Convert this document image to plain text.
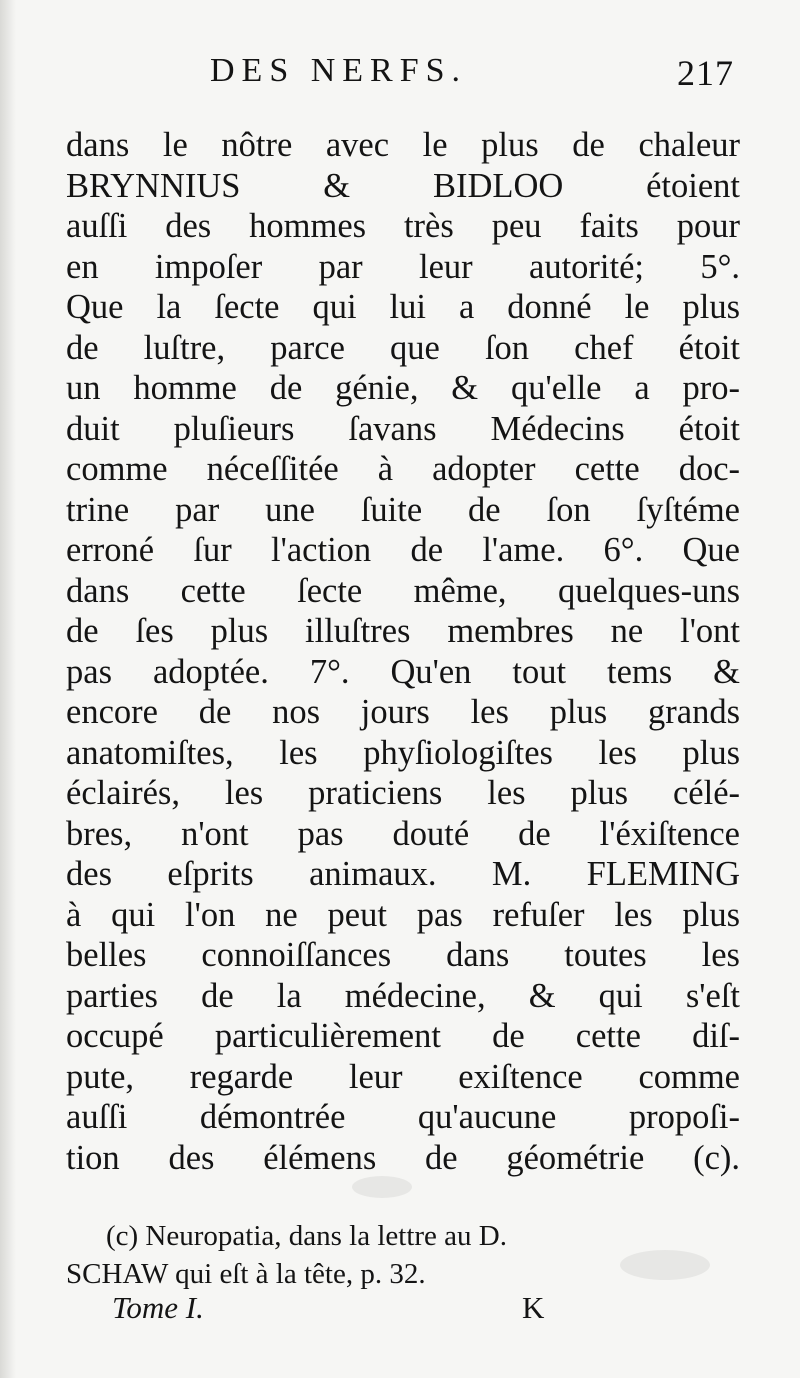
DES NERFS.	217
dans le nôtre avec le plus de chaleur
BRYNNIUS & BIDLOO étoient
auſſi des hommes très peu faits pour
en impoſer par leur autorité; 5°.
Que la ſecte qui lui a donné le plus
de luſtre, parce que ſon chef étoit
un homme de génie, & qu'elle a pro-
duit pluſieurs ſavans Médecins étoit
comme néceſſitée à adopter cette doc-
trine par une ſuite de ſon ſyſtéme
erroné ſur l'action de l'ame. 6°. Que
dans cette ſecte même, quelques-uns
de ſes plus illuſtres membres ne l'ont
pas adoptée. 7°. Qu'en tout tems &
encore de nos jours les plus grands
anatomiſtes, les phyſiologiſtes les plus
éclairés, les praticiens les plus célé-
bres, n'ont pas douté de l'éxiſtence
des eſprits animaux. M. FLEMING
à qui l'on ne peut pas refuſer les plus
belles connoiſſances dans toutes les
parties de la médecine, & qui s'eſt
occupé particulièrement de cette diſ-
pute, regarde leur exiſtence comme
auſſi démontrée qu'aucune propoſi-
tion des élémens de géométrie (c).
(c) Neuropatia, dans la lettre au D.
SCHAW qui eſt à la tête, p. 32.
Tome I.	K
